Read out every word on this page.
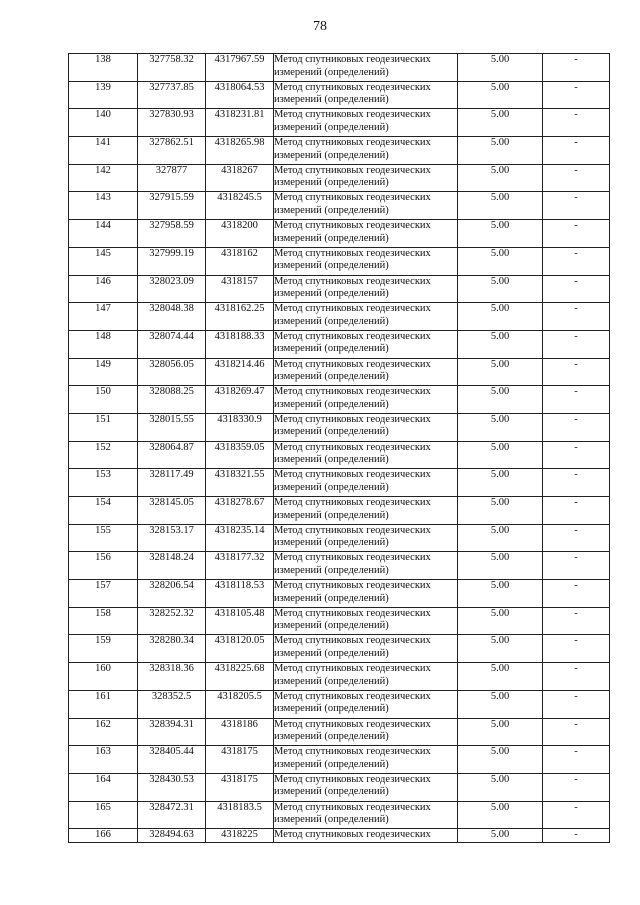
78
138	327758.32	4317967.59	Метод спутниковых геодезических измерений (определений)	5.00	-
139	327737.85	4318064.53	Метод спутниковых геодезических измерений (определений)	5.00	-
140	327830.93	4318231.81	Метод спутниковых геодезических измерений (определений)	5.00	-
141	327862.51	4318265.98	Метод спутниковых геодезических измерений (определений)	5.00	-
142	327877	4318267	Метод спутниковых геодезических измерений (определений)	5.00	-
143	327915.59	4318245.5	Метод спутниковых геодезических измерений (определений)	5.00	-
144	327958.59	4318200	Метод спутниковых геодезических измерений (определений)	5.00	-
145	327999.19	4318162	Метод спутниковых геодезических измерений (определений)	5.00	-
146	328023.09	4318157	Метод спутниковых геодезических измерений (определений)	5.00	-
147	328048.38	4318162.25	Метод спутниковых геодезических измерений (определений)	5.00	-
148	328074.44	4318188.33	Метод спутниковых геодезических измерений (определений)	5.00	-
149	328056.05	4318214.46	Метод спутниковых геодезических измерений (определений)	5.00	-
150	328088.25	4318269.47	Метод спутниковых геодезических измерений (определений)	5.00	-
151	328015.55	4318330.9	Метод спутниковых геодезических измерений (определений)	5.00	-
152	328064.87	4318359.05	Метод спутниковых геодезических измерений (определений)	5.00	-
153	328117.49	4318321.55	Метод спутниковых геодезических измерений (определений)	5.00	-
154	328145.05	4318278.67	Метод спутниковых геодезических измерений (определений)	5.00	-
155	328153.17	4318235.14	Метод спутниковых геодезических измерений (определений)	5.00	-
156	328148.24	4318177.32	Метод спутниковых геодезических измерений (определений)	5.00	-
157	328206.54	4318118.53	Метод спутниковых геодезических измерений (определений)	5.00	-
158	328252.32	4318105.48	Метод спутниковых геодезических измерений (определений)	5.00	-
159	328280.34	4318120.05	Метод спутниковых геодезических измерений (определений)	5.00	-
160	328318.36	4318225.68	Метод спутниковых геодезических измерений (определений)	5.00	-
161	328352.5	4318205.5	Метод спутниковых геодезических измерений (определений)	5.00	-
162	328394.31	4318186	Метод спутниковых геодезических измерений (определений)	5.00	-
163	328405.44	4318175	Метод спутниковых геодезических измерений (определений)	5.00	-
164	328430.53	4318175	Метод спутниковых геодезических измерений (определений)	5.00	-
165	328472.31	4318183.5	Метод спутниковых геодезических измерений (определений)	5.00	-
166	328494.63	4318225	Метод спутниковых геодезических	5.00	-
